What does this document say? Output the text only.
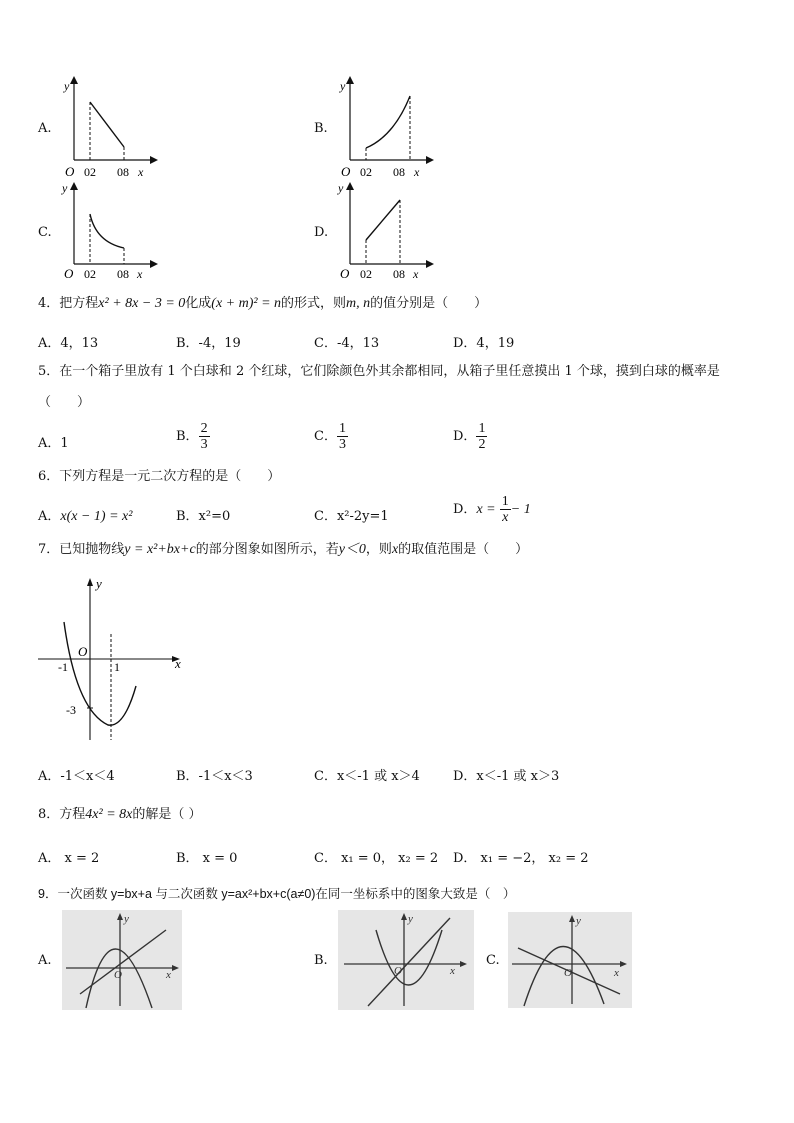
A.
y
O 02 08 x
B.
y
O 02 08 x
C.
y
O 02 08 x
D.
y
O 02 08 x
4．把方程x² + 8x − 3 = 0化成(x + m)² = n的形式，则m, n的值分别是（　　）
A．4，13	B．-4，19	C．-4，13	D．4，19
5．在一个箱子里放有 1 个白球和 2 个红球，它们除颜色外其余都相同，从箱子里任意摸出 1 个球，摸到白球的概率是
（　　）
A．1	B． $\frac{2}{3}$	C． $\frac{1}{3}$	D． $\frac{1}{2}$
6．下列方程是一元二次方程的是（　　）
A．x(x − 1) = x²	B．x²=0	C．x²-2y=1	D．$x = \frac{1}{x} - 1$
7．已知抛物线y = x²+bx+c的部分图象如图所示，若y＜0，则x的取值范围是（　　）
y
x
O
-1	1
-3
A．-1＜x＜4	B．-1＜x＜3	C．x＜-1 或 x＞4	D．x＜-1 或 x＞3
8．方程4x² = 8x的解是（ ）
A． x = 2	B． x = 0	C． x₁ = 0， x₂ = 2 D． x₁ = −2， x₂ = 2
9．一次函数 y=bx+a 与二次函数 y=ax²+bx+c(a≠0)在同一坐标系中的图象大致是（　）
A.
y
x
O
B.
y
x
O
C.
y
x
O
